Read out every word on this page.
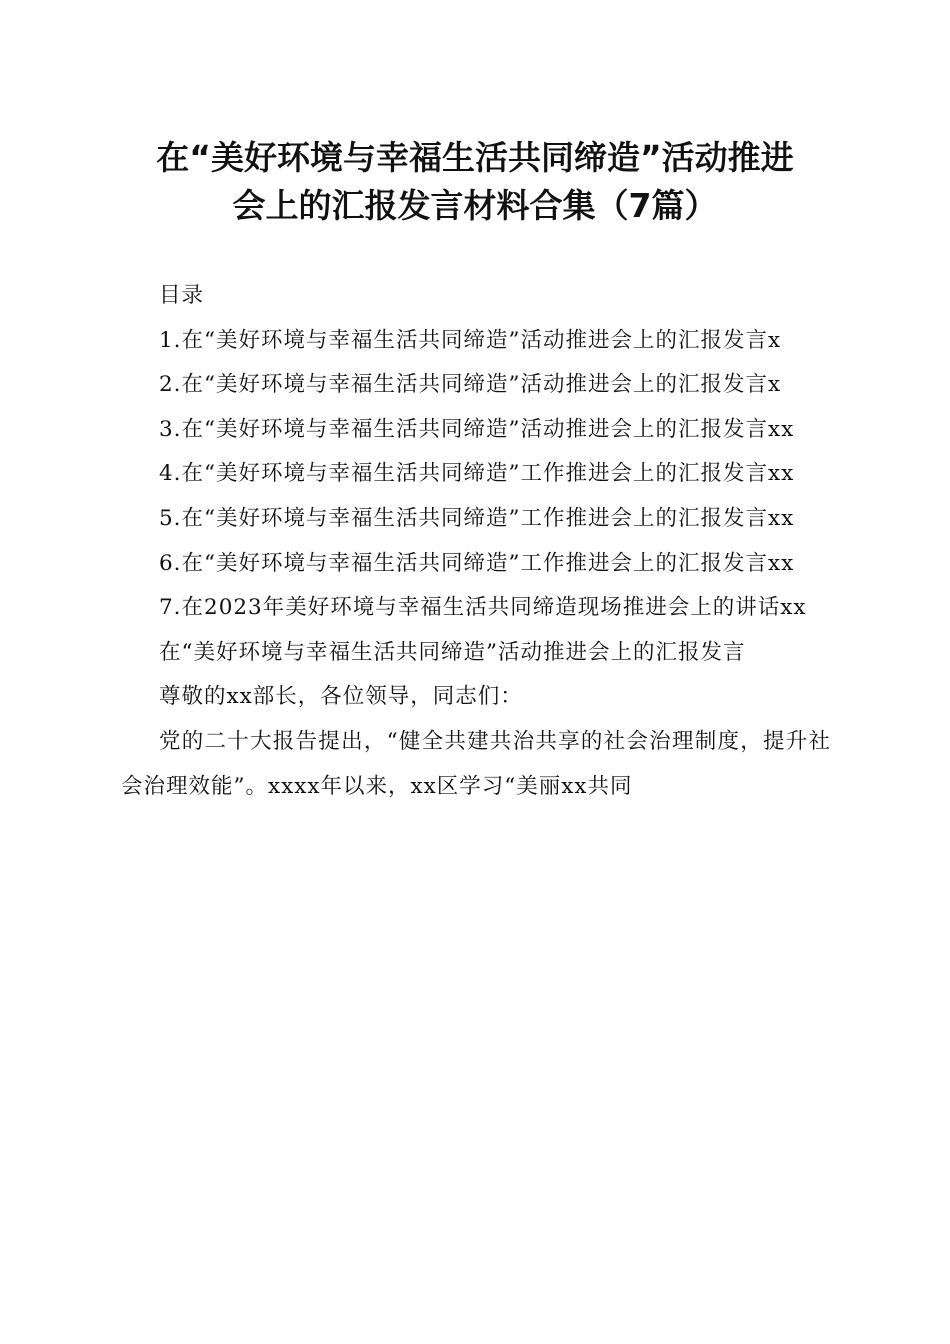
在“美好环境与幸福生活共同缔造”活动推进
会上的汇报发言材料合集（7篇）

目录

1.在“美好环境与幸福生活共同缔造”活动推进会上的汇报发言x

2.在“美好环境与幸福生活共同缔造”活动推进会上的汇报发言x

3.在“美好环境与幸福生活共同缔造”活动推进会上的汇报发言xx

4.在“美好环境与幸福生活共同缔造”工作推进会上的汇报发言xx

5.在“美好环境与幸福生活共同缔造”工作推进会上的汇报发言xx

6.在“美好环境与幸福生活共同缔造”工作推进会上的汇报发言xx

7.在2023年美好环境与幸福生活共同缔造现场推进会上的讲话xx

在“美好环境与幸福生活共同缔造”活动推进会上的汇报发言

尊敬的xx部长，各位领导，同志们：

党的二十大报告提出，“健全共建共治共享的社会治理制度，提升社会治理效能”。xxxx年以来，xx区学习“美丽xx共同
